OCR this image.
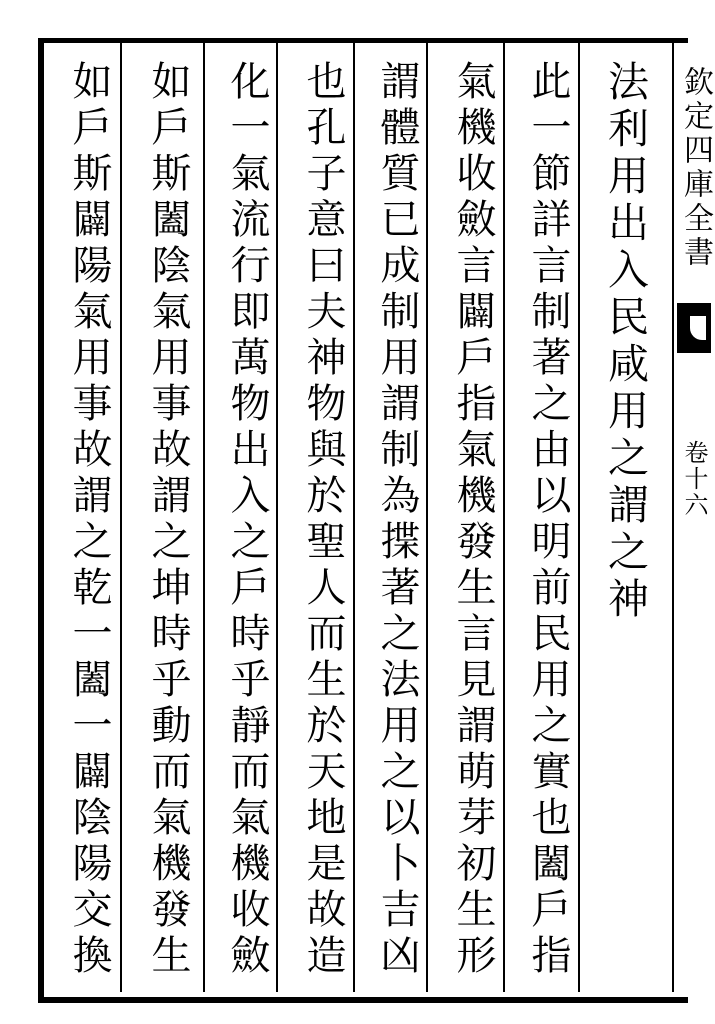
法利用出入民咸用之謂之神
此一節詳言制著之由以明前民用之實也闔戶指
氣機收斂言闢戶指氣機發生言見謂萌芽初生形
謂體質已成制用謂制為揲著之法用之以卜吉凶
也孔子意曰夫神物與於聖人而生於天地是故造
化一氣流行即萬物出入之戶時乎靜而氣機收斂
如戶斯闔陰氣用事故謂之坤時乎動而氣機發生
如戶斯闢陽氣用事故謂之乾一闔一闢陰陽交換	欽定四庫全書
卷十六
